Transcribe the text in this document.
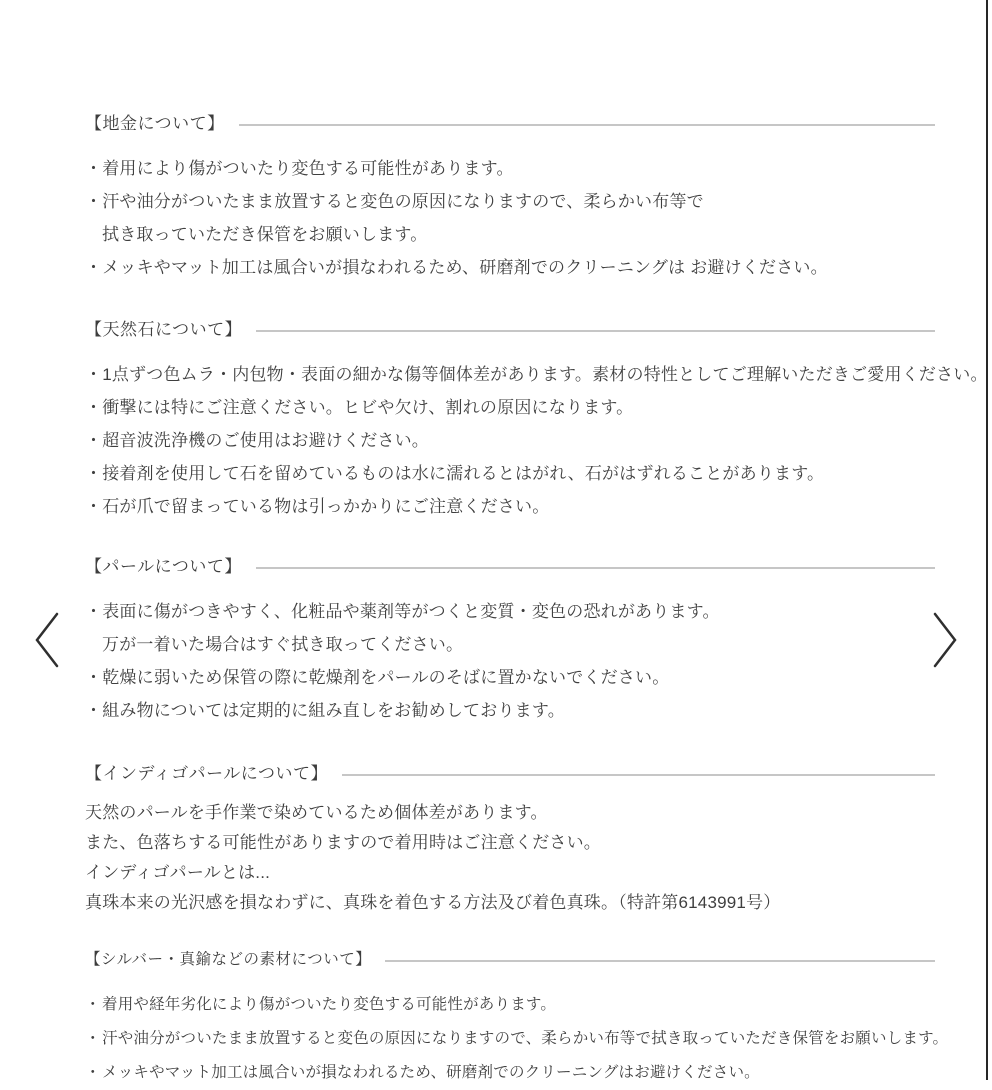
【地金について】
・ 着用により傷がついたり変色する可能性があります。
・ 汗や油分がついたまま放置すると変色の原因になりますので、柔らかい布等で
拭き取っていただき保管をお願いします。
・ メッキやマット加工は風合いが損なわれるため、研磨剤でのクリーニングは お避けください。
【天然石について】
・ 1点ずつ色ムラ・内包物・表面の細かな傷等個体差があります。素材の特性としてご理解いただきご愛用ください。
・ 衝撃には特にご注意ください。ヒビや欠け、割れの原因になります。
・ 超音波洗浄機のご使用はお避けください。
・ 接着剤を使用して石を留めているものは水に濡れるとはがれ、石がはずれることがあります。
・ 石が爪で留まっている物は引っかかりにご注意ください。
【パールについて】
・ 表面に傷がつきやすく、化粧品や薬剤等がつくと変質・変色の恐れがあります。
万が一着いた場合はすぐ拭き取ってください。
・ 乾燥に弱いため保管の際に乾燥剤をパールのそばに置かないでください。
・ 組み物については定期的に組み直しをお勧めしております。
【インディゴパールについて】
天然のパールを手作業で染めているため個体差があります。
また、色落ちする可能性がありますので着用時はご注意ください。
インディゴパールとは...
真珠本来の光沢感を損なわずに、真珠を着色する方法及び着色真珠。（特許第6143991号）
【シルバー・真鍮などの素材について】
・ 着用や経年劣化により傷がついたり変色する可能性があります。
・ 汗や油分がついたまま放置すると変色の原因になりますので、柔らかい布等で拭き取っていただき保管をお願いします。
・ メッキやマット加工は風合いが損なわれるため、研磨剤でのクリーニングはお避けください。
